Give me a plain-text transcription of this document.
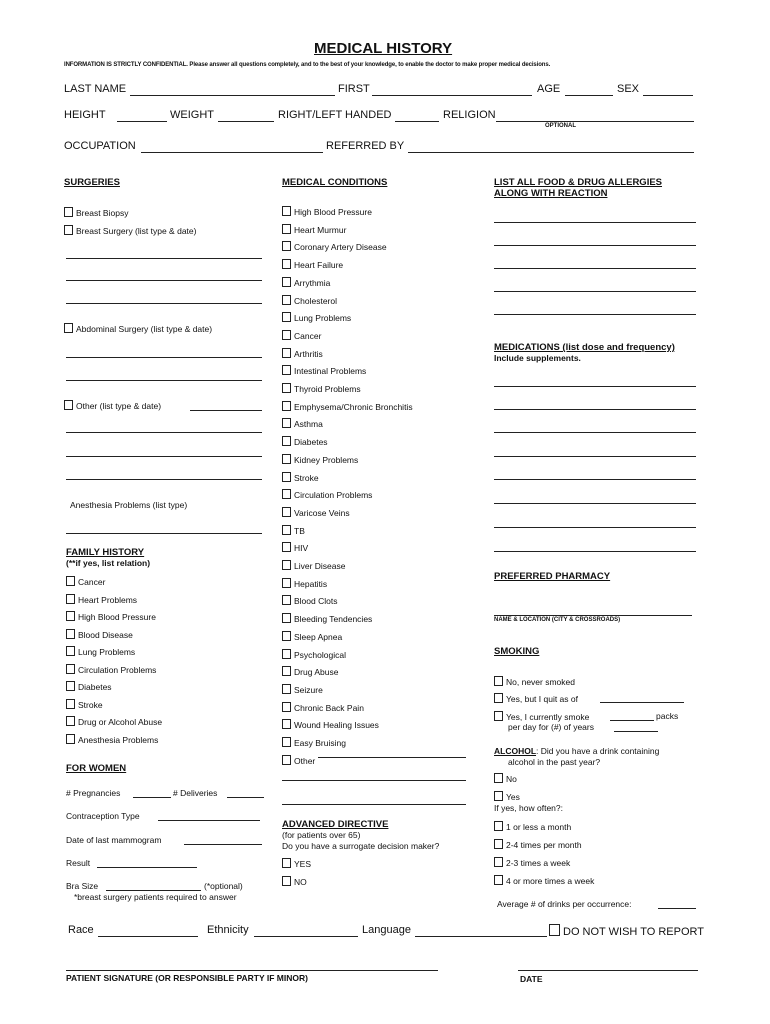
MEDICAL HISTORY
INFORMATION IS STRICTLY CONFIDENTIAL. Please answer all questions completely, and to the best of your knowledge, to enable the doctor to make proper medical decisions.
LAST NAME	FIRST	AGE	SEX
HEIGHT	WEIGHT	RIGHT/LEFT HANDED	RELIGION
OPTIONAL
OCCUPATION	REFERRED BY
SURGERIES
Breast Biopsy
Breast Surgery (list type & date)
Abdominal Surgery (list type & date)
Other (list type & date)
Anesthesia Problems (list type)
FAMILY HISTORY
(**if yes, list relation)
Cancer
Heart Problems
High Blood Pressure
Blood Disease
Lung Problems
Circulation Problems
Diabetes
Stroke
Drug or Alcohol Abuse
Anesthesia Problems
FOR WOMEN
# Pregnancies	# Deliveries
Contraception Type
Date of last mammogram
Result
Bra Size	(*optional)
*breast surgery patients required to answer
MEDICAL CONDITIONS
High Blood Pressure
Heart Murmur
Coronary Artery Disease
Heart Failure
Arrythmia
Cholesterol
Lung Problems
Cancer
Arthritis
Intestinal Problems
Thyroid Problems
Emphysema/Chronic Bronchitis
Asthma
Diabetes
Kidney Problems
Stroke
Circulation Problems
Varicose Veins
TB
HIV
Liver Disease
Hepatitis
Blood Clots
Bleeding Tendencies
Sleep Apnea
Psychological
Drug Abuse
Seizure
Chronic Back Pain
Wound Healing Issues
Easy Bruising
Other
ADVANCED DIRECTIVE
(for patients over 65)
Do you have a surrogate decision maker?
YES
NO
LIST ALL FOOD & DRUG ALLERGIES
ALONG WITH REACTION
MEDICATIONS (list dose and frequency)
Include supplements.
PREFERRED PHARMACY
NAME & LOCATION (CITY & CROSSROADS)
SMOKING
No, never smoked
Yes, but I quit as of
Yes, I currently smoke	packs
per day for (#) of years
ALCOHOL: Did you have a drink containing
alcohol in the past year?
No
Yes
If yes, how often?:
1 or less a month
2-4 times per month
2-3 times a week
4 or more times a week
Average # of drinks per occurrence:
Race	Ethnicity	Language	DO NOT WISH TO REPORT
PATIENT SIGNATURE (OR RESPONSIBLE PARTY IF MINOR)	DATE
